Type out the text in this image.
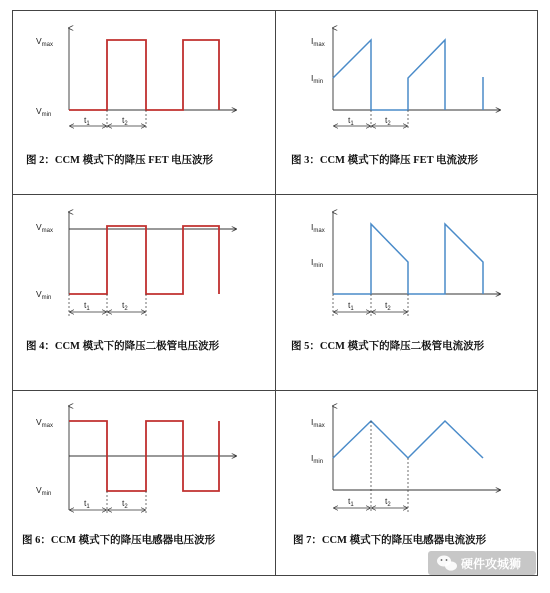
$V_{max}$
$V_{min}$	$t_1$	$t_2$
图 2：CCM 模式下的降压 FET 电压波形
$I_{max}$
$I_{min}$
$t_1$	$t_2$
图 3：CCM 模式下的降压 FET 电流波形
$V_{max}$
$V_{min}$
$t_1$	$t_2$
图 4：CCM 模式下的降压二极管电压波形
$I_{max}$
$I_{min}$
$t_1$	$t_2$
图 5：CCM 模式下的降压二极管电流波形
$V_{max}$
$V_{min}$
$t_1$	$t_2$
图 6：CCM 模式下的降压电感器电压波形
$I_{max}$
$I_{min}$
$t_1$	$t_2$
图 7：CCM 模式下的降压电感器电流波形
硬件攻城狮
